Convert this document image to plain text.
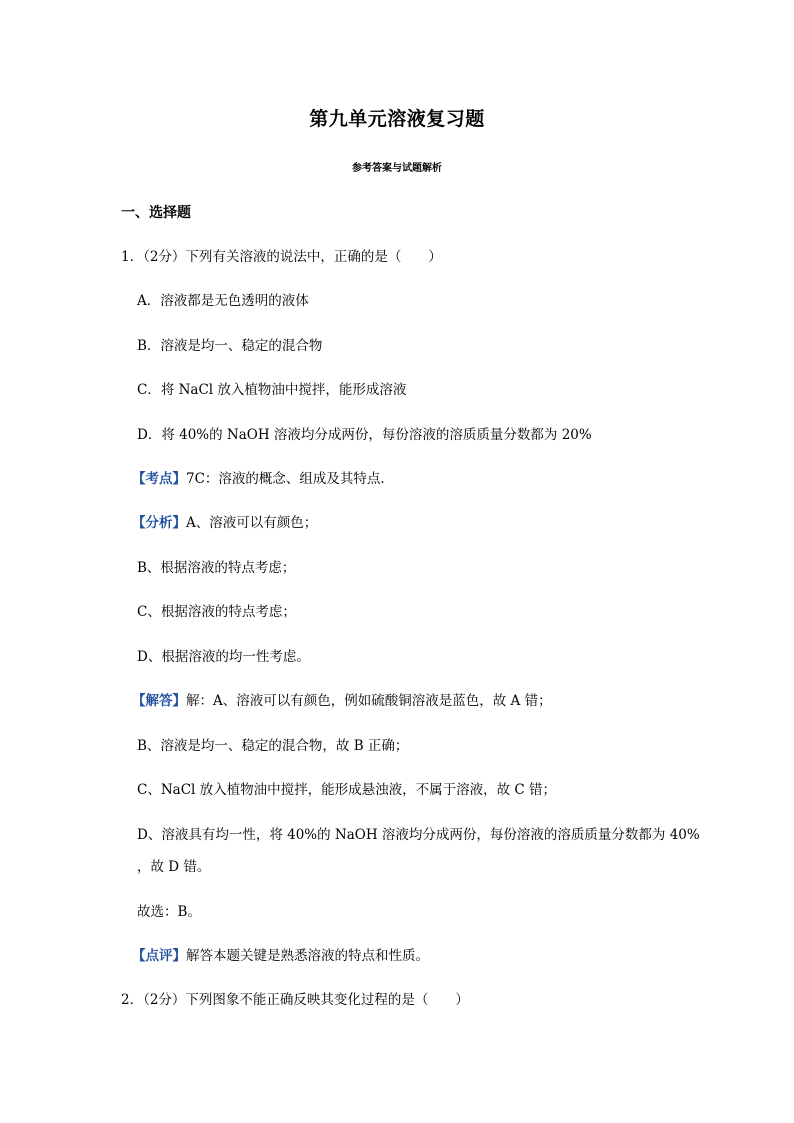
第九单元溶液复习题
参考答案与试题解析
一、选择题
1．（2分）下列有关溶液的说法中，正确的是（　　）
A．溶液都是无色透明的液体
B．溶液是均一、稳定的混合物
C．将 NaCl 放入植物油中搅拌，能形成溶液
D．将 40%的 NaOH 溶液均分成两份，每份溶液的溶质质量分数都为 20%
【考点】7C：溶液的概念、组成及其特点．
【分析】A、溶液可以有颜色；
B、根据溶液的特点考虑；
C、根据溶液的特点考虑；
D、根据溶液的均一性考虑。
【解答】解：A、溶液可以有颜色，例如硫酸铜溶液是蓝色，故 A 错；
B、溶液是均一、稳定的混合物，故 B 正确；
C、NaCl 放入植物油中搅拌，能形成悬浊液，不属于溶液，故 C 错；
D、溶液具有均一性，将 40%的 NaOH 溶液均分成两份，每份溶液的溶质质量分数都为 40%
，故 D 错。
故选：B。
【点评】解答本题关键是熟悉溶液的特点和性质。
2．（2分）下列图象不能正确反映其变化过程的是（　　）
